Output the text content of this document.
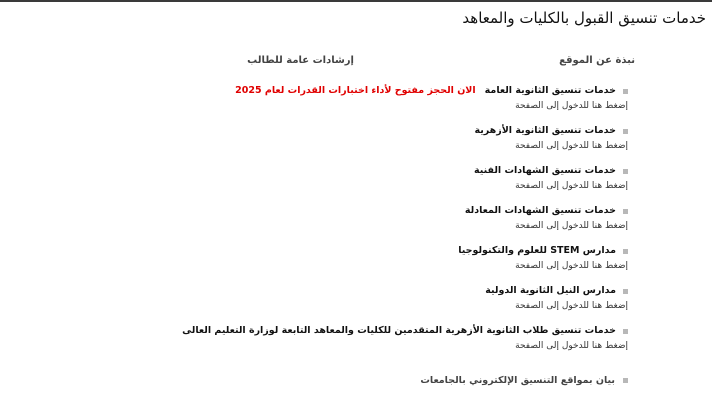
خدمات تنسيق القبول بالكليات والمعاهد
نبذة عن الموقع
إرشادات عامة للطالب
خدمات تنسيق الثانوية العامة الان الحجز مفتوح لأداء اختبارات القدرات لعام 2025
إضغط هنا للدخول إلى الصفحة
خدمات تنسيق الثانوية الأزهرية
إضغط هنا للدخول إلى الصفحة
خدمات تنسيق الشهادات الفنية
إضغط هنا للدخول إلى الصفحة
خدمات تنسيق الشهادات المعادلة
إضغط هنا للدخول إلى الصفحة
مدارس STEM للعلوم والتكنولوجيا
إضغط هنا للدخول إلى الصفحة
مدارس النيل الثانوية الدولية
إضغط هنا للدخول إلى الصفحة
خدمات تنسيق طلاب الثانوية الأزهرية المتقدمين للكليات والمعاهد التابعة لوزارة التعليم العالى
إضغط هنا للدخول إلى الصفحة
بيان بمواقع التنسيق الإلكتروني بالجامعات
